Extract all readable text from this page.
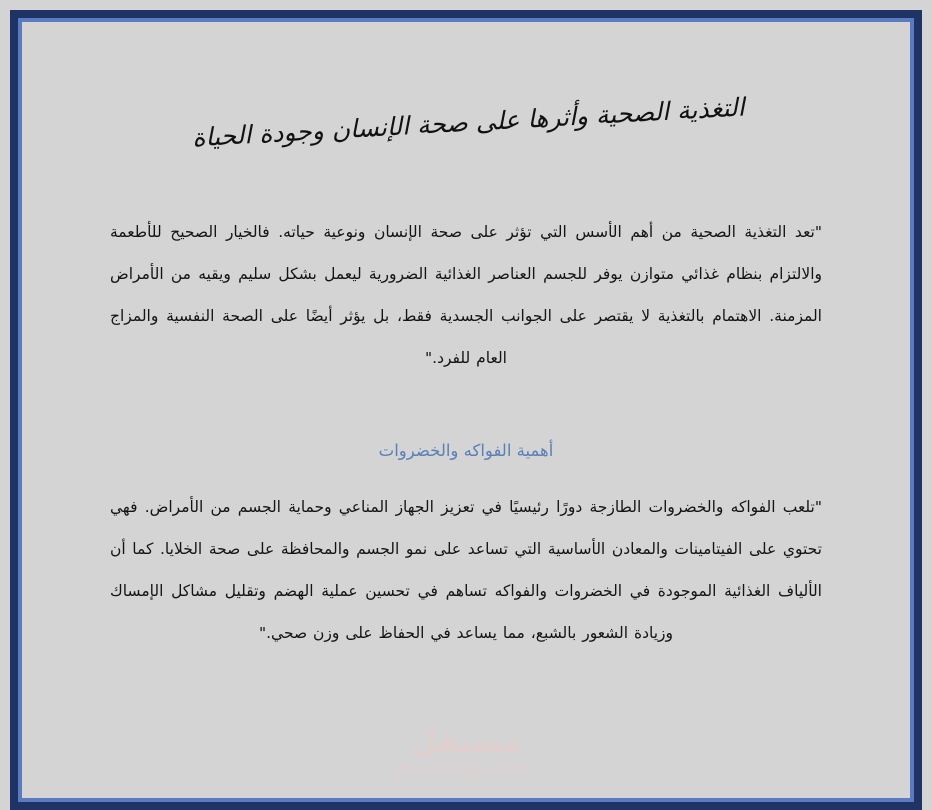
التغذية الصحية وأثرها على صحة الإنسان وجودة الحياة

"تعد التغذية الصحية من أهم الأسس التي تؤثر على صحة الإنسان ونوعية حياته. فالخيار الصحيح للأطعمة والالتزام بنظام غذائي متوازن يوفر للجسم العناصر الغذائية الضرورية ليعمل بشكل سليم ويقيه من الأمراض المزمنة. الاهتمام بالتغذية لا يقتصر على الجوانب الجسدية فقط، بل يؤثر أيضًا على الصحة النفسية والمزاج العام للفرد."

أهمية الفواكه والخضروات

"تلعب الفواكه والخضروات الطازجة دورًا رئيسيًا في تعزيز الجهاز المناعي وحماية الجسم من الأمراض. فهي تحتوي على الفيتامينات والمعادن الأساسية التي تساعد على نمو الجسم والمحافظة على صحة الخلايا. كما أن الألياف الغذائية الموجودة في الخضروات والفواكه تساهم في تحسين عملية الهضم وتقليل مشاكل الإمساك وزيادة الشعور بالشبع، مما يساعد في الحفاظ على وزن صحي."

مستقل
mostaql.com
